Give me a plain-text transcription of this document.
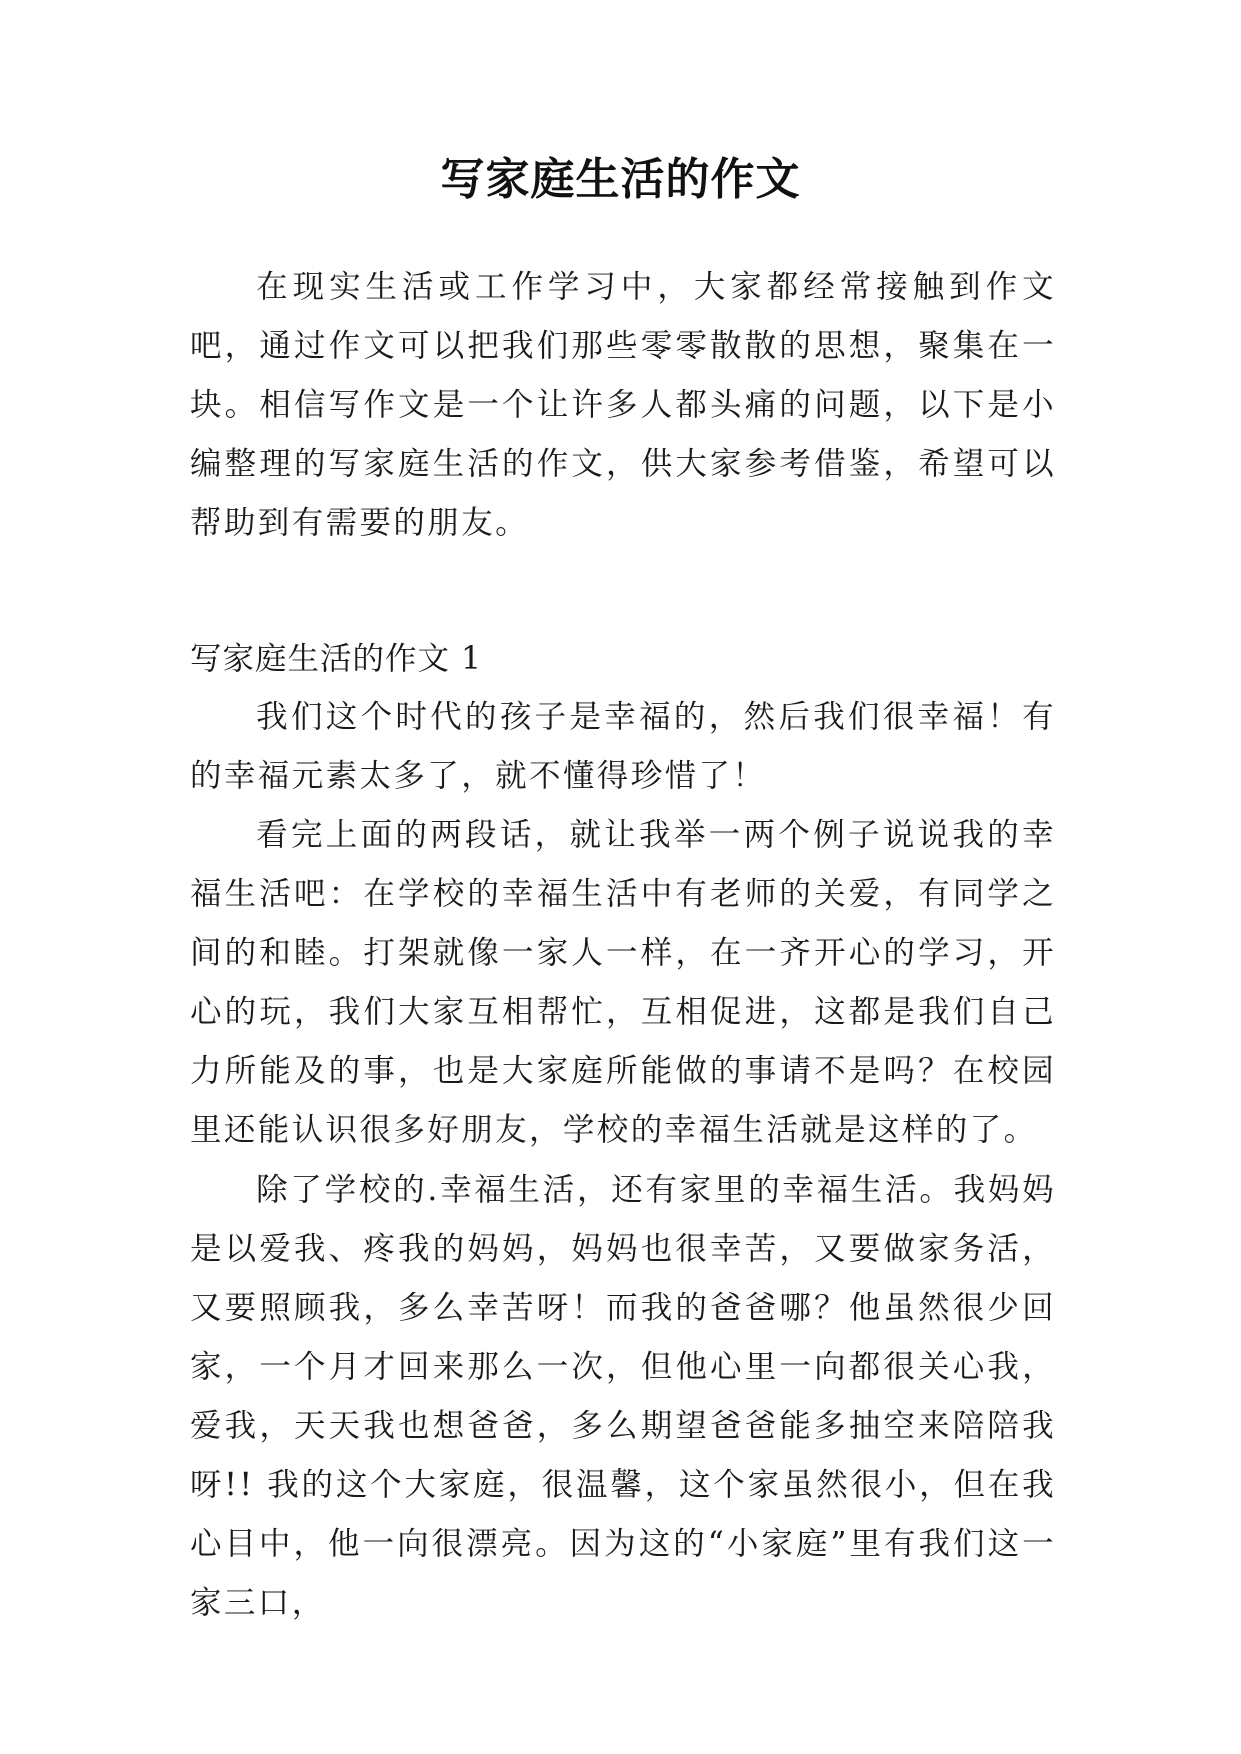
写家庭生活的作文

在现实生活或工作学习中，大家都经常接触到作文吧，通过作文可以把我们那些零零散散的思想，聚集在一块。相信写作文是一个让许多人都头痛的问题，以下是小编整理的写家庭生活的作文，供大家参考借鉴，希望可以帮助到有需要的朋友。

写家庭生活的作文 1

我们这个时代的孩子是幸福的，然后我们很幸福！有的幸福元素太多了，就不懂得珍惜了！

看完上面的两段话，就让我举一两个例子说说我的幸福生活吧：在学校的幸福生活中有老师的关爱，有同学之间的和睦。打架就像一家人一样，在一齐开心的学习，开心的玩，我们大家互相帮忙，互相促进，这都是我们自己力所能及的事，也是大家庭所能做的事请不是吗？在校园里还能认识很多好朋友，学校的幸福生活就是这样的了。

除了学校的.幸福生活，还有家里的幸福生活。我妈妈是以爱我、疼我的妈妈，妈妈也很幸苦，又要做家务活，又要照顾我，多么幸苦呀！而我的爸爸哪？他虽然很少回家，一个月才回来那么一次，但他心里一向都很关心我，爱我，天天我也想爸爸，多么期望爸爸能多抽空来陪陪我呀!! 我的这个大家庭，很温馨，这个家虽然很小，但在我心目中，他一向很漂亮。因为这的“小家庭”里有我们这一家三口，
